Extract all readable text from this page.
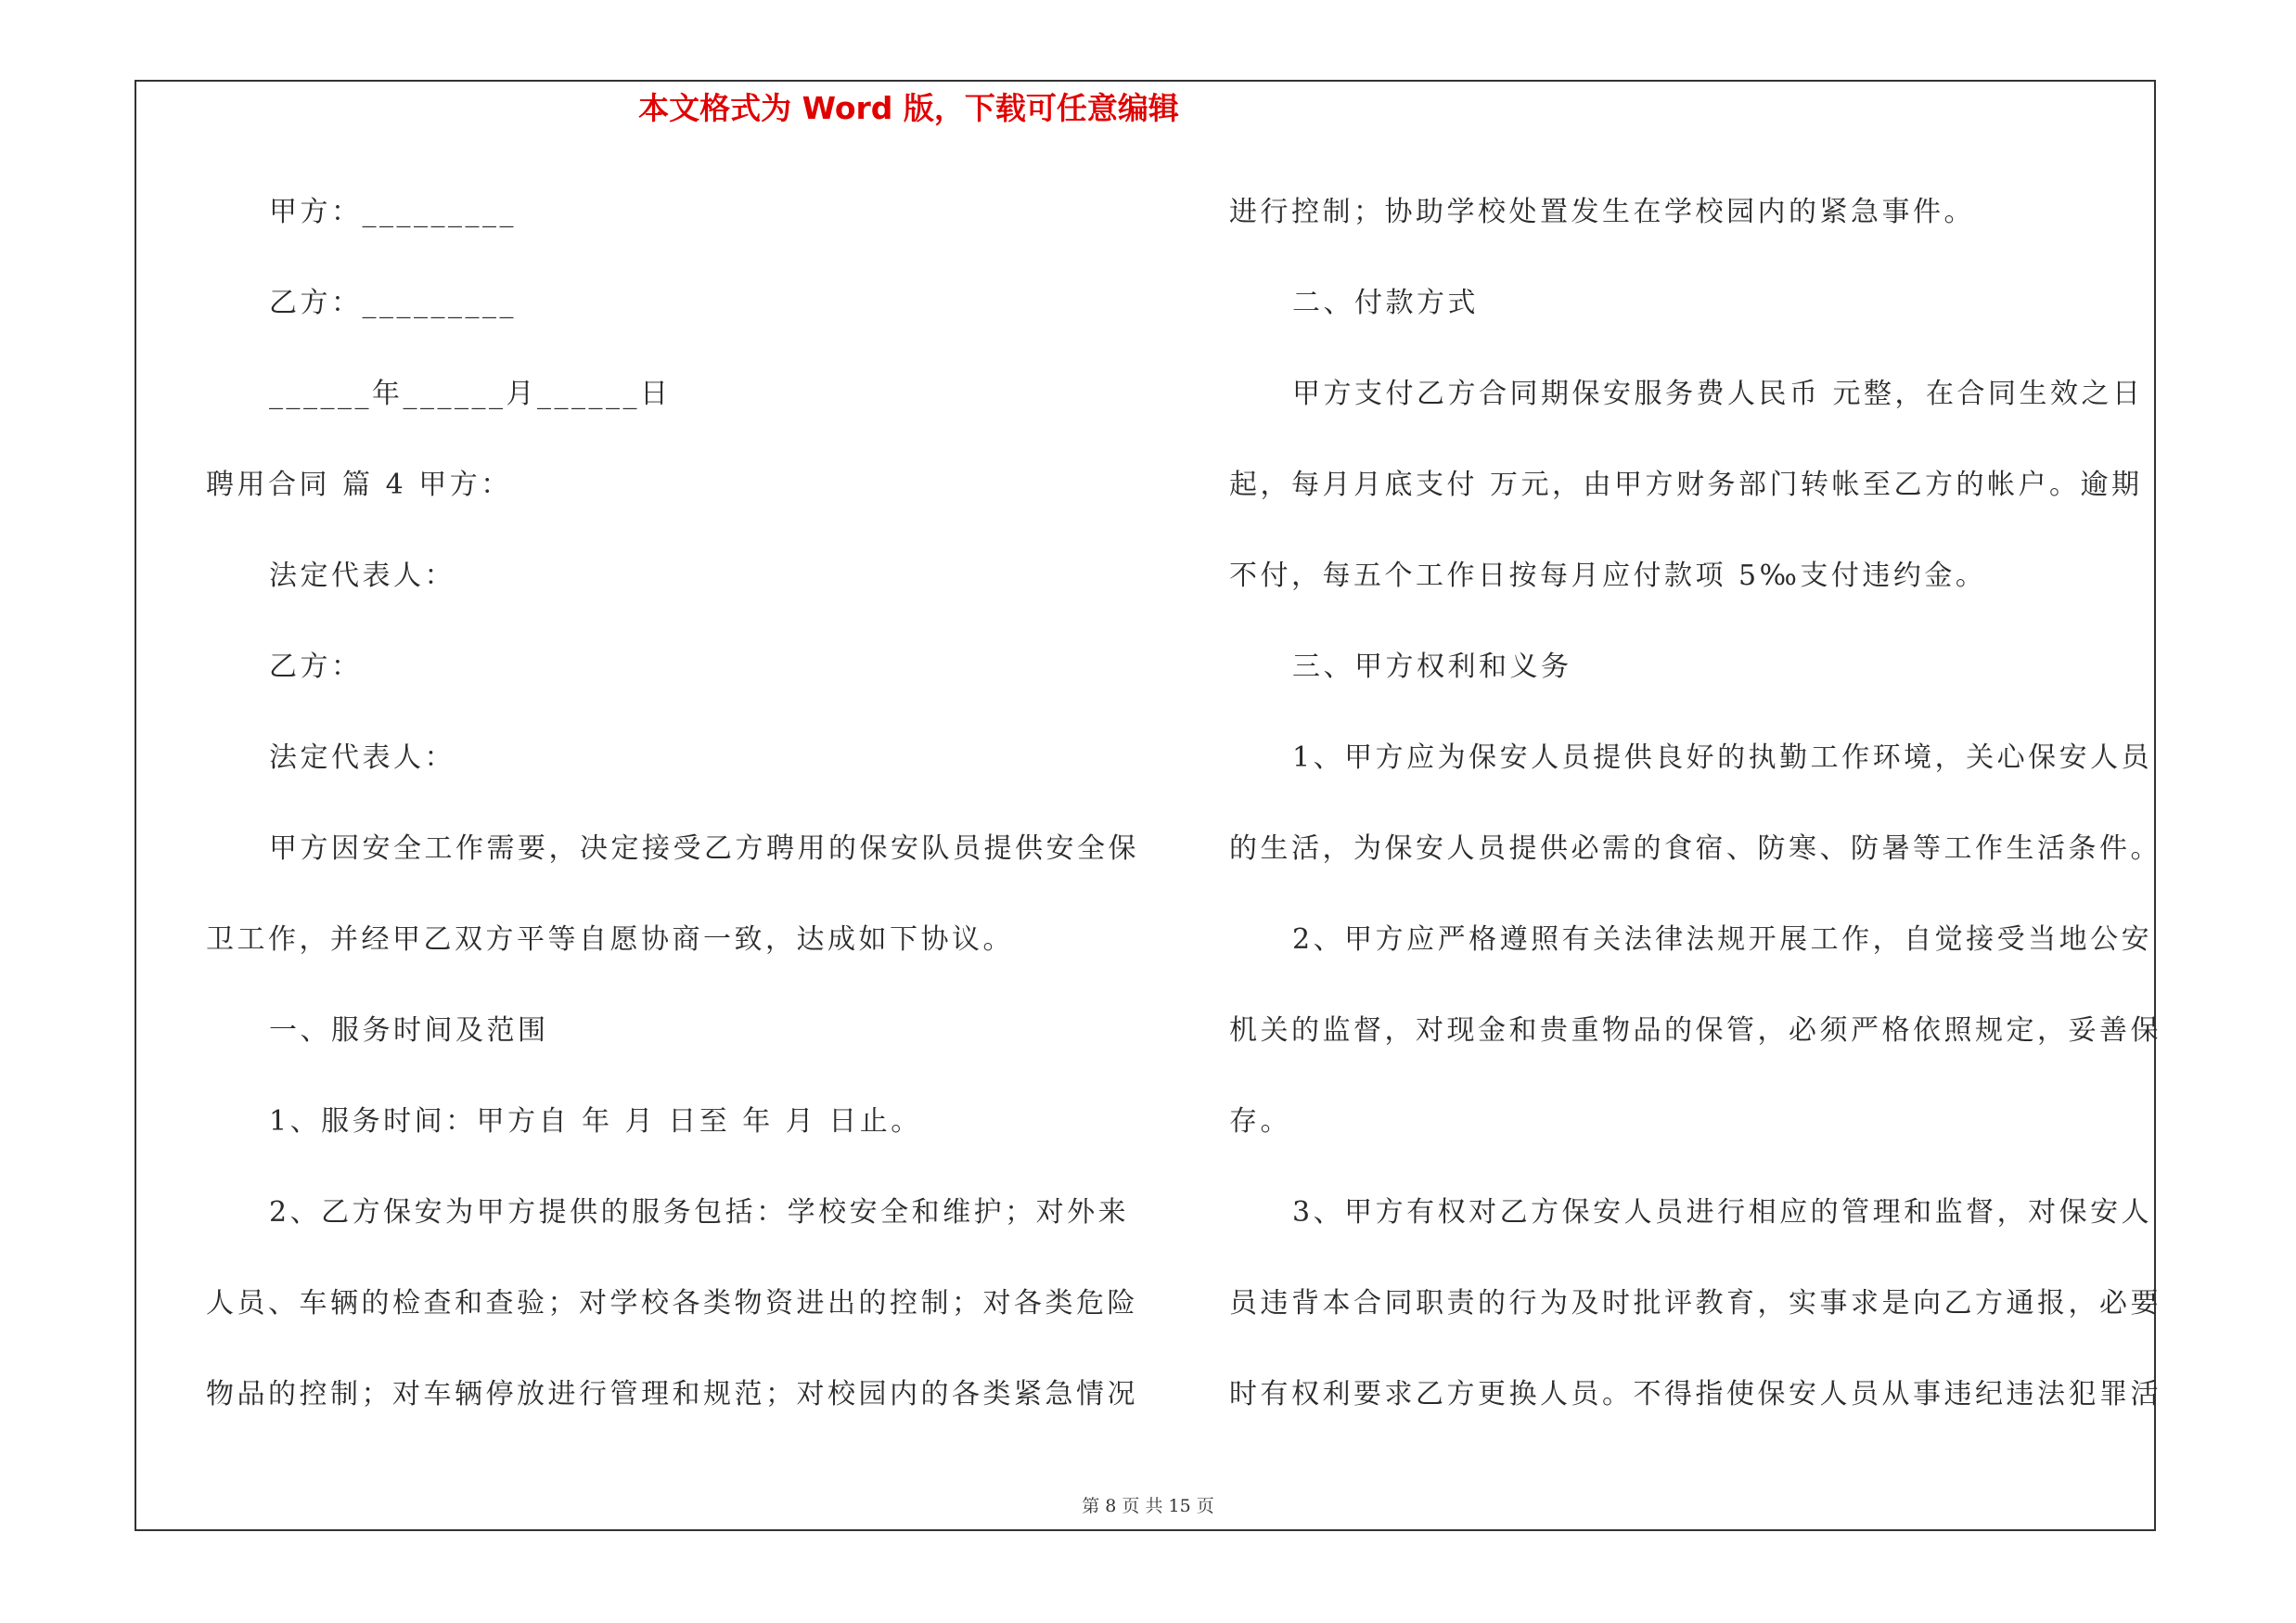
本文格式为 Word 版，下载可任意编辑
甲方：_________
乙方：_________
______年______月______日
聘用合同 篇 4 甲方：
法定代表人：
乙方：
法定代表人：
甲方因安全工作需要，决定接受乙方聘用的保安队员提供安全保
卫工作，并经甲乙双方平等自愿协商一致，达成如下协议。
一、服务时间及范围
1、服务时间：甲方自 年 月 日至 年 月 日止。
2、乙方保安为甲方提供的服务包括：学校安全和维护；对外来
人员、车辆的检查和查验；对学校各类物资进出的控制；对各类危险
物品的控制；对车辆停放进行管理和规范；对校园内的各类紧急情况
进行控制；协助学校处置发生在学校园内的紧急事件。
二、付款方式
甲方支付乙方合同期保安服务费人民币 元整，在合同生效之日
起，每月月底支付 万元，由甲方财务部门转帐至乙方的帐户。逾期
不付，每五个工作日按每月应付款项 5‰支付违约金。
三、甲方权利和义务
1、甲方应为保安人员提供良好的执勤工作环境，关心保安人员
的生活，为保安人员提供必需的食宿、防寒、防暑等工作生活条件。
2、甲方应严格遵照有关法律法规开展工作，自觉接受当地公安
机关的监督，对现金和贵重物品的保管，必须严格依照规定，妥善保
存。
3、甲方有权对乙方保安人员进行相应的管理和监督，对保安人
员违背本合同职责的行为及时批评教育，实事求是向乙方通报，必要
时有权利要求乙方更换人员。不得指使保安人员从事违纪违法犯罪活
第 8 页 共 15 页
